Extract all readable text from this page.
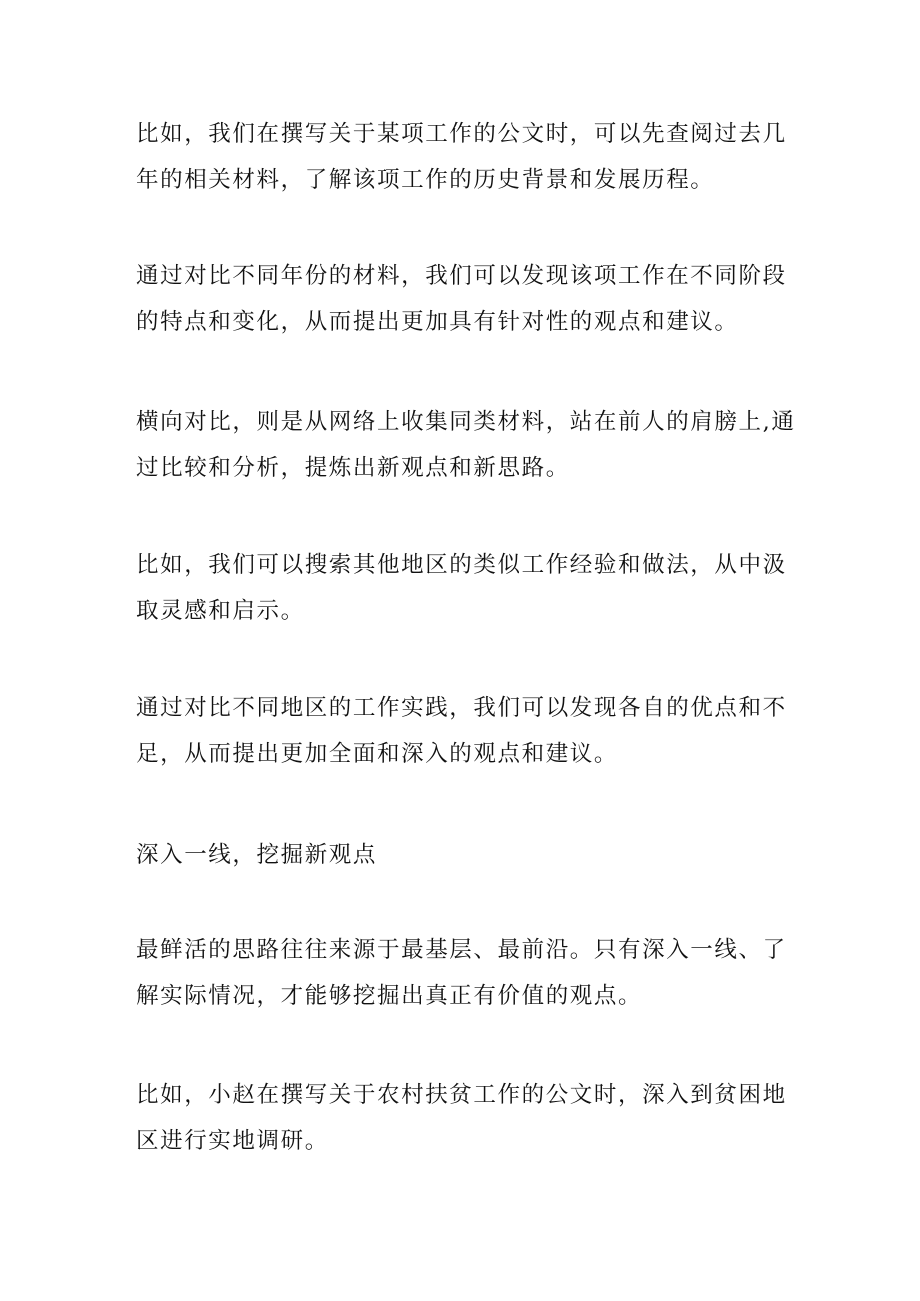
比如，我们在撰写关于某项工作的公文时，可以先查阅过去几年的相关材料，了解该项工作的历史背景和发展历程。

通过对比不同年份的材料，我们可以发现该项工作在不同阶段的特点和变化，从而提出更加具有针对性的观点和建议。

横向对比，则是从网络上收集同类材料，站在前人的肩膀上,通过比较和分析，提炼出新观点和新思路。

比如，我们可以搜索其他地区的类似工作经验和做法，从中汲取灵感和启示。

通过对比不同地区的工作实践，我们可以发现各自的优点和不足，从而提出更加全面和深入的观点和建议。

深入一线，挖掘新观点

最鲜活的思路往往来源于最基层、最前沿。只有深入一线、了解实际情况，才能够挖掘出真正有价值的观点。

比如，小赵在撰写关于农村扶贫工作的公文时，深入到贫困地区进行实地调研。
